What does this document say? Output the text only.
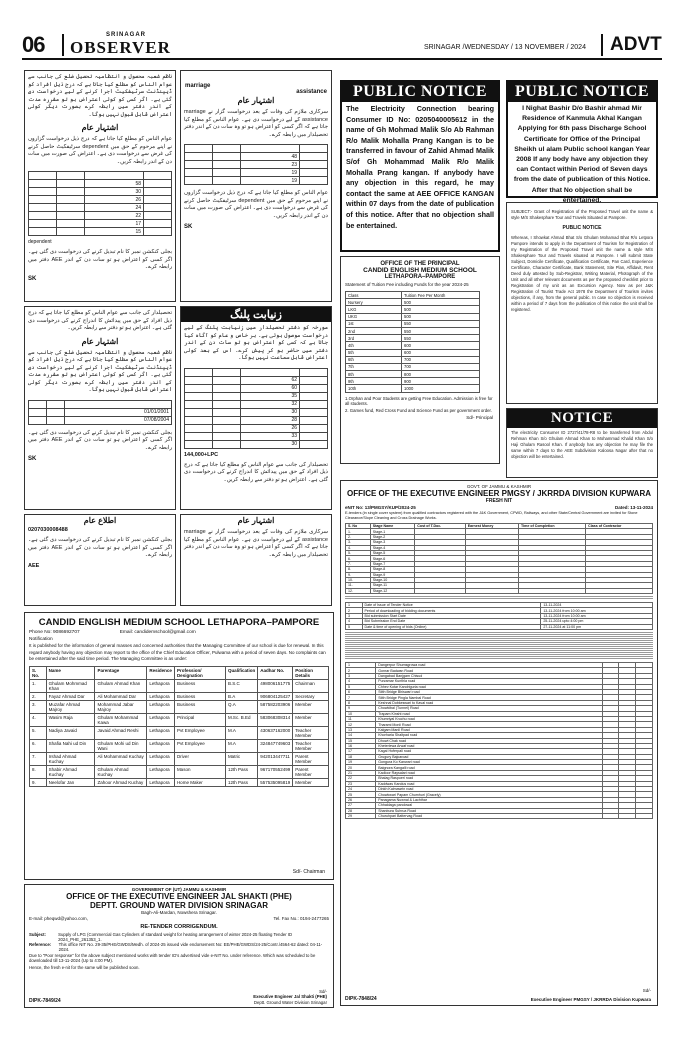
06	SRINAGAR
OBSERVER	SRINAGAR /WEDNESDAY / 13 NOVEMBER / 2024 ADVT
ناظم شعبہ محصول و انتظامیہ تحصیل ضلع کی جانب سے عوام الناس کو مطلع کیا جاتا ہے کہ درج ذیل افراد کو ڈیپنڈنٹ سرٹیفکیٹ اجرا کرنے کے لیے درخواست دی گئی ہے۔ اگر کسی کو کوئی اعتراض ہو تو مقررہ مدت کے اندر دفتر میں رابطہ کرے بصورت دیگر کوئی اعتراض قابل قبول نہیں ہوگا۔
اشتہار عام
عوام الناس کو مطلع کیا جاتا ہے کہ درج ذیل درخواست گزاروں نے اپنے مرحوم کے حق میں dependent سرٹیفکیٹ حاصل کرنے کی غرض سے درخواست دی ہے۔ اعتراض کی صورت میں سات دن کے اندر رابطہ کریں۔

	58		
	30		
	26		
	24		
	22		
	17		
	15		
dependent
بجلی کنکشن نمبر کا نام تبدیل کرنے کی درخواست دی گئی ہے۔ اگر کسی کو اعتراض ہو تو سات دن کے اندر AEE دفتر میں رابطہ کرے۔
SK
marriage
assistance
اشتہار عام
سرکاری ملازم کی وفات کے بعد درخواست گزار نے marriage assistance کے لیے درخواست دی ہے۔ عوام الناس کو مطلع کیا جاتا ہے کہ اگر کسی کو اعتراض ہو تو وہ سات دن کے اندر دفتر تحصیلدار میں رابطہ کرے۔

	48		
	23		
	19		
	19		
عوام الناس کو مطلع کیا جاتا ہے کہ درج ذیل درخواست گزاروں نے اپنے مرحوم کے حق میں dependent سرٹیفکیٹ حاصل کرنے کی غرض سے درخواست دی ہے۔ اعتراض کی صورت میں سات دن کے اندر رابطہ کریں۔
SK
تحصیلدار کی جانب سے عوام الناس کو مطلع کیا جاتا ہے کہ درج ذیل افراد کے حق میں پیدائش کا اندراج کرنے کی درخواست دی گئی ہے۔ اعتراض ہو تو دفتر سے رابطہ کریں۔
اشتہار عام
ناظم شعبہ محصول و انتظامیہ تحصیل ضلع کی جانب سے عوام الناس کو مطلع کیا جاتا ہے کہ درج ذیل افراد کو ڈیپنڈنٹ سرٹیفکیٹ اجرا کرنے کے لیے درخواست دی گئی ہے۔ اگر کسی کو کوئی اعتراض ہو تو مقررہ مدت کے اندر دفتر میں رابطہ کرے بصورت دیگر کوئی اعتراض قابل قبول نہیں ہوگا۔

01/01/2001		
07/08/2004		
بجلی کنکشن نمبر کا نام تبدیل کرنے کی درخواست دی گئی ہے۔ اگر کسی کو اعتراض ہو تو سات دن کے اندر AEE دفتر میں رابطہ کرے۔
SK
زنیابت پلنگ
مورخہ کو دفتر تحصیلدار میں زنیابت پلنگ کے لیے درخواست موصول ہوئی ہے۔ ہر خاص و عام کو آگاہ کیا جاتا ہے کہ کسی کو اعتراض ہو تو سات دن کے اندر دفتر میں حاضر ہو کر پیش کرے۔ اس کے بعد کوئی اعتراض قابل سماعت نہیں ہوگا۔

	62		
	60		
	35		
	32		
	30		
	28		
	26		
	33		
	30		
144,000+LPC
تحصیلدار کی جانب سے عوام الناس کو مطلع کیا جاتا ہے کہ درج ذیل افراد کے حق میں پیدائش کا اندراج کرنے کی درخواست دی گئی ہے۔ اعتراض ہو تو دفتر سے رابطہ کریں۔
اطلاع عام
0207030008488
بجلی کنکشن نمبر کا نام تبدیل کرنے کی درخواست دی گئی ہے۔ اگر کسی کو اعتراض ہو تو سات دن کے اندر AEE دفتر میں رابطہ کرے۔
AEE
اشتہار عام
سرکاری ملازم کی وفات کے بعد درخواست گزار نے marriage assistance کے لیے درخواست دی ہے۔ عوام الناس کو مطلع کیا جاتا ہے کہ اگر کسی کو اعتراض ہو تو وہ سات دن کے اندر دفتر تحصیلدار میں رابطہ کرے۔
PUBLIC NOTICE
The Electricity Connection bearing Consumer ID No: 0205040005612 in the name of Gh Mohmad Malik S/o Ab Rahman R/o Malik Mohalla Prang Kangan is to be transferred in favour of Zahid Ahmad Malik S/of Gh Mohammad Malik R/o Malik Mohalla Prang kangan. If anybody have any objection in this regard, he may contact the same at AEE OFFICE KANGAN within 07 days from the date of publication of this notice. After that no objection shall be entertained.
PUBLIC NOTICE
I Nighat Bashir D/o Bashir ahmad Mir Residence of Kanmula Akhal Kangan Applying for 6th pass Discharge School Certificate for Office of the Principal Sheikh ul alam Public school kangan Year 2008 If any body have any objection they can Contact within Period of Seven days from the date of publication of this Notice. After that No objection shall be entertained.
OFFICE OF THE PRINCIPAL
CANDID ENGLISH MEDIUM SCHOOL
LETHAPORA–PAMPORE
Statement of Tuition Fee including Funds for the year 2024-25
Class	Tuition Fee Per Month
Nursery	500
LKG	500
UKG	500
1st	550
2nd	550
3rd	550
4th	600
5th	600
6th	700
7th	700
8th	800
9th	900
10th	1000
1.Orphan and Poor Students are getting Free Education. Admission is free for all students.
2. Games fund, Red Cross Fund and Science Fund as per government order.
Sd/- Principal
SUBJECT:- Grant of Registration of the Proposed Travel unit the name & style M/S Shakesphare Tour and Travels Situated at Pampore.
PUBLIC NOTICE
Whereas, I Showkat Ahmad Bhat S/o Ghulam Mohamad Bhat R/o Letpora Pampore intends to apply in the Department of Tourism for Registration of my Registration of the Proposed Travel unit the name & style M/S Shakesphare Tour and Travels situated at Pampore. I will submit State Subject, Domicile Certificate, Qualification Certificate, Pan Card, Experience Certificate, Character Certificate, Bank Statement, Site Plan, Affidavit, Rent Deed duly attested by Sub-Registrar, Writing Material, Photograph of the Unit and all other relevant documents as per the proposed checklist prior to Registration of my unit as an Excursion Agency. Now as per J&K Registration of Tourist Trade Act 1978 the Department of Tourism invites objections, if any, from the general public. In case no objection is received within a period of 7 days from the publication of this notice the unit shall be registered.
NOTICE
The electricity Consumer ID 2727/41/78-R8 to be transferred from Abdul Rehman Khan S/o Ghulam Ahmad Khan to Mohammad Khalid Khan S/o Haji Ghulam Rasool Khan. If anybody has any objection he may file the same within 7 days to the AEE Subdivision Kaloosa Nagar after that no objection will be entertained.
GOVT. OF JAMMU & KASHMIR
OFFICE OF THE EXECUTIVE ENGINEER PMGSY / JKRRDA DIVISION KUPWARA
FRESH NIT
eNIT No: 13/PMGSY/KUP/2024-25	Dated: 13-11-2024
E-tenders (in single cover system) from qualified contractors registered with the J&K Government, CPWD, Railways, and other State/Central Government are invited for Stone Clearance/Slope Cleaning and Cross Drainage Works.
S. No	Stage Name	Cost of T.Doc.	Earnest Money	Time of Completion	Class of Contractor
1.	Stage-1				
2.	Stage-2				
3.	Stage-3				
4.	Stage-4				
5.	Stage-5				
6.	Stage-6				
7.	Stage-7				
8.	Stage-8				
9.	Stage-9				
10.	Stage-10				
11.	Stage-11				
12.	Stage-12				
1	Date of Issue of Tender Notice	13-11-2024
2	Period of downloading of bidding documents	13-11-2024 from 10:00 am
3	Bid submission Start Date	13-11-2024 from 10:00 am
4	Bid Submission End Date	25-11-2024 upto 4:00 pm
5	Date & time of opening of bids (Online)	27-11-2024 at 11:00 pm
1	Dangerpur Shumsgrowa road			
2	Gonrar Badwan Road			
3	Dangabad Banjgam Chisud			
4	Purzamar Kunthla road			
5	Chhev Kotar Kandriguria road			
6	Stith Bridge Bhiswari road			
7	Stith Bridge Pingla Nambal Road			
8	Keshnal Dobkeswari to Kaval road			
9	Chowkibal (Tunnel) Road			
10	Trapam Kinsht road			
11	Khumriyal Kruchu road			
12	Tharami Monli Road			
13	Kalgam Manll Road			
14	Khorharia Shaltpad road			
15	Dhowt Chak road			
16	Kheterlewa Arwaf road			
17	Kagal Hoferpali road			
18	Grugury Bajcaroad			
19	Gongura Ko Kanwari road			
20	Baignora Kangalli road			
21	Kadloor Raysalari road			
22	Bhalag Raspueri road			
23	Kaddwas Kandus road			
24	Dinkh Kalmawrin road			
25	Chowkwari Papam Chumhuri (Gracely)			
26	Panagama Nuwnal & Lachthar			
27	Chhaldaga pandowal			
28	Shanbura Suhrua Road			
29	Churuhpari Battervag Road			
Sd/-
Executive Engineer PMGSY / JKRRDA Division Kupwara
DIPK-7848/24
CANDID ENGLISH MEDIUM SCHOOL LETHAPORA–PAMPORE
Phone No: 9086692707	Email: candidemschool@gmail.com
Notification
It is published for the information of general masses and concerned authorities that the Managing Committee of our school is due for renewal. In this regard anybody having any objection may report to the office of the Chief Education Officer, Pulwama with a period of seven days. No complaints can be entertained after the said time period. The Managing Committee is as under:
S. No.	Name	Parentage	Residence	Profession/ Designation	Qualification	Aadhar No.	Position Details
1.	Ghulam Mohmmad Khan	Ghulam Ahmad Khan	Lethapora	Business	B.S.C	498006151775	Chairman
2.	Fayaz Ahmad Dar	Ali Mohammad Dar	Lethapora	Business	B.A	906804125427	Secretary
3.	Muzafar Ahmad Majroy	Mohammad Jabar Majroy	Lethapora	Business	Q.A	587582203906	Member
4.	Wasim Raja	Ghulam Mohammad Kawa	Lethapora	Principal	M.Sc. B.Ed	583068308314	Member
5.	Nadiya Javaid	Javaid Ahmad Reshi	Lethapora	Pvt Employee	M.A	430637162000	Teacher Member
6.	Shafia Nahi ud Din	Ghulam Mohi ud Din Wani	Lethapora	Pvt Employee	M.A	324847749603	Teacher Member
7.	Irshad Ahmad Kuchay	Ali Mohammad Kuchay	Lethapora	Driver	Matric	942013447711	Parent Member
8.	Shabir Ahmad Kuchay	Ghulam Ahmad Kuchay	Lethapora	Mason	12th Pass	967170552499	Parent Member
9.	Neelofar Jan	Zahoor Ahmad Kuchay	Lethapora	Home Maker	12th Pass	557535095819	Member
Sd/- Chairman
GOVERNMENT OF (UT) JAMMU & KASHMIR
OFFICE OF THE EXECUTIVE ENGINEER JAL SHAKTI (PHE)
DEPTT. GROUND WATER DIVISION SRINAGAR
Bagh-Ali-Mardan, Nowshera Srinagar.
E-mail: pheqwd@yahoo.com,	Tel. Fax No.: 0194-2477265
RE-TENDER CORRIGENDUM.
Subject:	Supply of LPG (Commercial Gas Cylinders of standard weight for heating arrangement of winter 2024-25 floating Tender ID 2024_PHE_261353_1.
Reference:	This office NIT No. 29-35/PHE/GWDS/Medh. of 2024-25 issued vide endorsement No: EE/PHE/GWDS/24-25/Contr./4564-62 dated: 04-11-2024.
Due to "Poor response" for the above subject mentioned works with tender ID's advertised vide e-NIT No. under reference. Which was scheduled to be downloaded till 13-11-2024 (Up to 4:00 PM).
Hence, the fresh e-nit for the same will be published soon.
DIPK-7849/24
Sd/-
Executive Engineer Jal Shakti (PHE)
Deptt. Ground Water Division Srinagar
